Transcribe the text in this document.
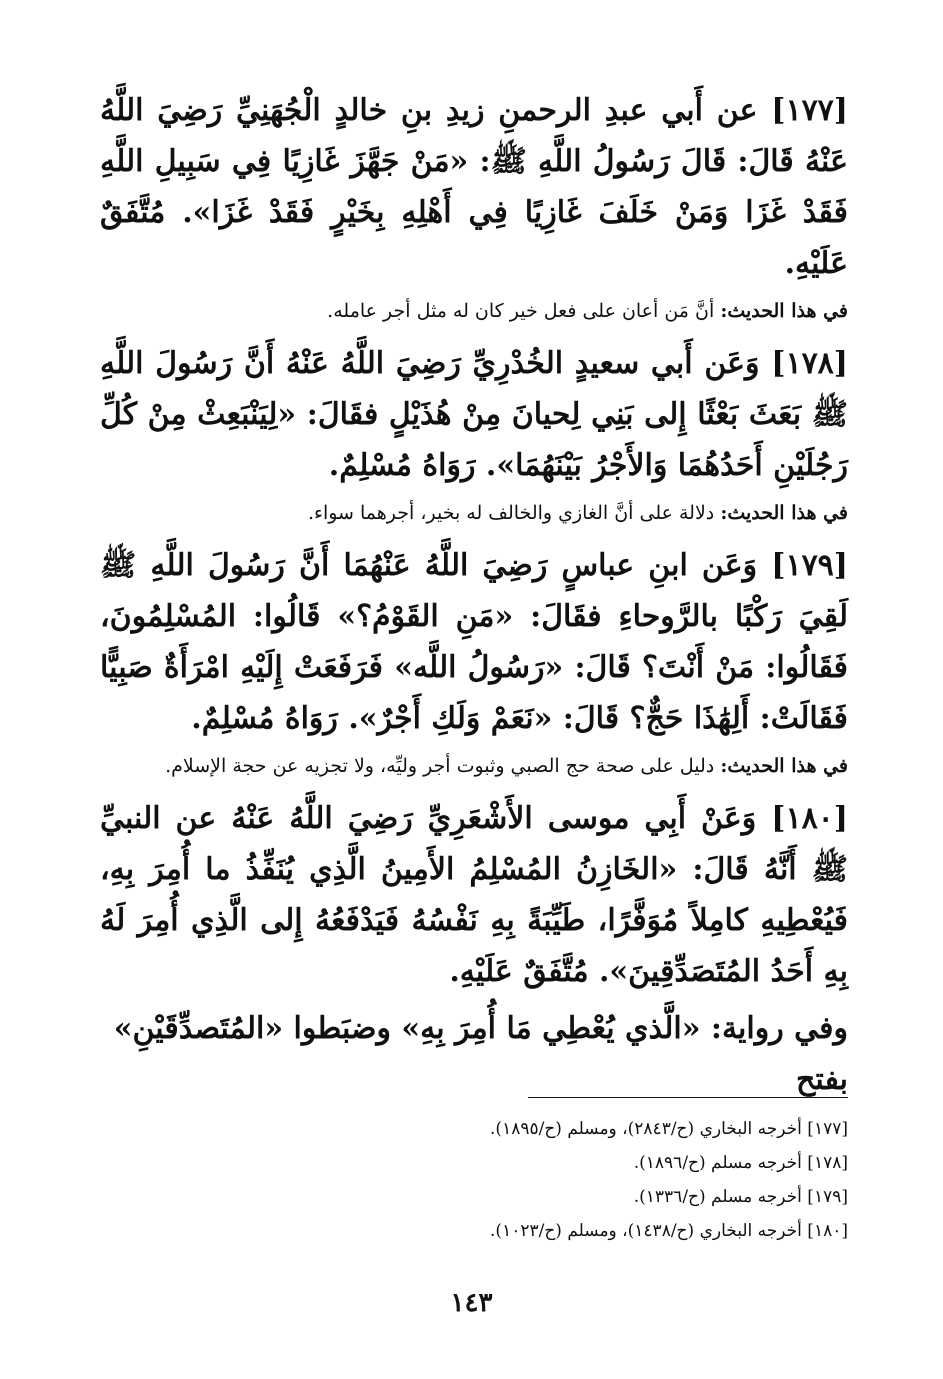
[١٧٧] عن أَبي عبدِ الرحمنِ زيدِ بنِ خالدٍ الْجُهَنِيِّ رَضِيَ اللَّهُ عَنْهُ قَالَ: قَالَ رَسُولُ اللَّهِ ﷺ: «مَنْ جَهَّزَ غَازِيًا فِي سَبِيلِ اللَّهِ فَقَدْ غَزَا وَمَنْ خَلَفَ غَازِيًا فِي أَهْلِهِ بِخَيْرٍ فَقَدْ غَزَا». مُتَّفَقٌ عَلَيْهِ.

في هذا الحديث: أنَّ مَن أعان على فعل خير كان له مثل أجر عامله.

[١٧٨] وَعَن أَبي سعيدٍ الخُدْرِيِّ رَضِيَ اللَّهُ عَنْهُ أَنَّ رَسُولَ اللَّهِ ﷺ بَعَثَ بَعْثًا إِلى بَنِي لِحيانَ مِنْ هُذَيْلٍ فقَالَ: «لِيَنْبَعِثْ مِنْ كُلِّ رَجُلَيْنِ أَحَدُهُمَا وَالأَجْرُ بَيْنَهُمَا». رَوَاهُ مُسْلِمٌ.

في هذا الحديث: دلالة على أنَّ الغازي والخالف له بخير، أجرهما سواء.

[١٧٩] وَعَن ابنِ عباسٍ رَضِيَ اللَّهُ عَنْهُمَا أَنَّ رَسُولَ اللَّهِ ﷺ لَقِيَ رَكْبًا بالرَّوحاءِ فقَالَ: «مَنِ القَوْمُ؟» قَالُوا: المُسْلِمُونَ، فَقَالُوا: مَنْ أَنْتَ؟ قَالَ: «رَسُولُ اللَّه» فَرَفَعَتْ إِلَيْهِ امْرَأَةٌ صَبِيًّا فَقَالَتْ: أَلِهَٰذَا حَجٌّ؟ قَالَ: «نَعَمْ وَلَكِ أَجْرٌ». رَوَاهُ مُسْلِمٌ.

في هذا الحديث: دليل على صحة حج الصبي وثبوت أجر وليِّه، ولا تجزيه عن حجة الإسلام.

[١٨٠] وَعَنْ أَبِي موسى الأَشْعَرِيِّ رَضِيَ اللَّهُ عَنْهُ عن النبيِّ ﷺ أَنَّهُ قَالَ: «الخَازِنُ المُسْلِمُ الأَمِينُ الَّذِي يُنَفِّذُ ما أُمِرَ بِهِ، فَيُعْطِيهِ كامِلاً مُوَفَّرًا، طَيِّبَةً بِهِ نَفْسُهُ فَيَدْفَعُهُ إِلى الَّذِي أُمِرَ لَهُ بِهِ أَحَدُ المُتَصَدِّقِينَ». مُتَّفَقٌ عَلَيْهِ.

وفي رواية: «الَّذي يُعْطِي مَا أُمِرَ بِهِ» وضبَطوا «المُتَصدِّقَيْنِ» بفتح

[١٧٧] أخرجه البخاري (ح/٢٨٤٣)، ومسلم (ح/١٨٩٥).

[١٧٨] أخرجه مسلم (ح/١٨٩٦).

[١٧٩] أخرجه مسلم (ح/١٣٣٦).

[١٨٠] أخرجه البخاري (ح/١٤٣٨)، ومسلم (ح/١٠٢٣).

١٤٣
